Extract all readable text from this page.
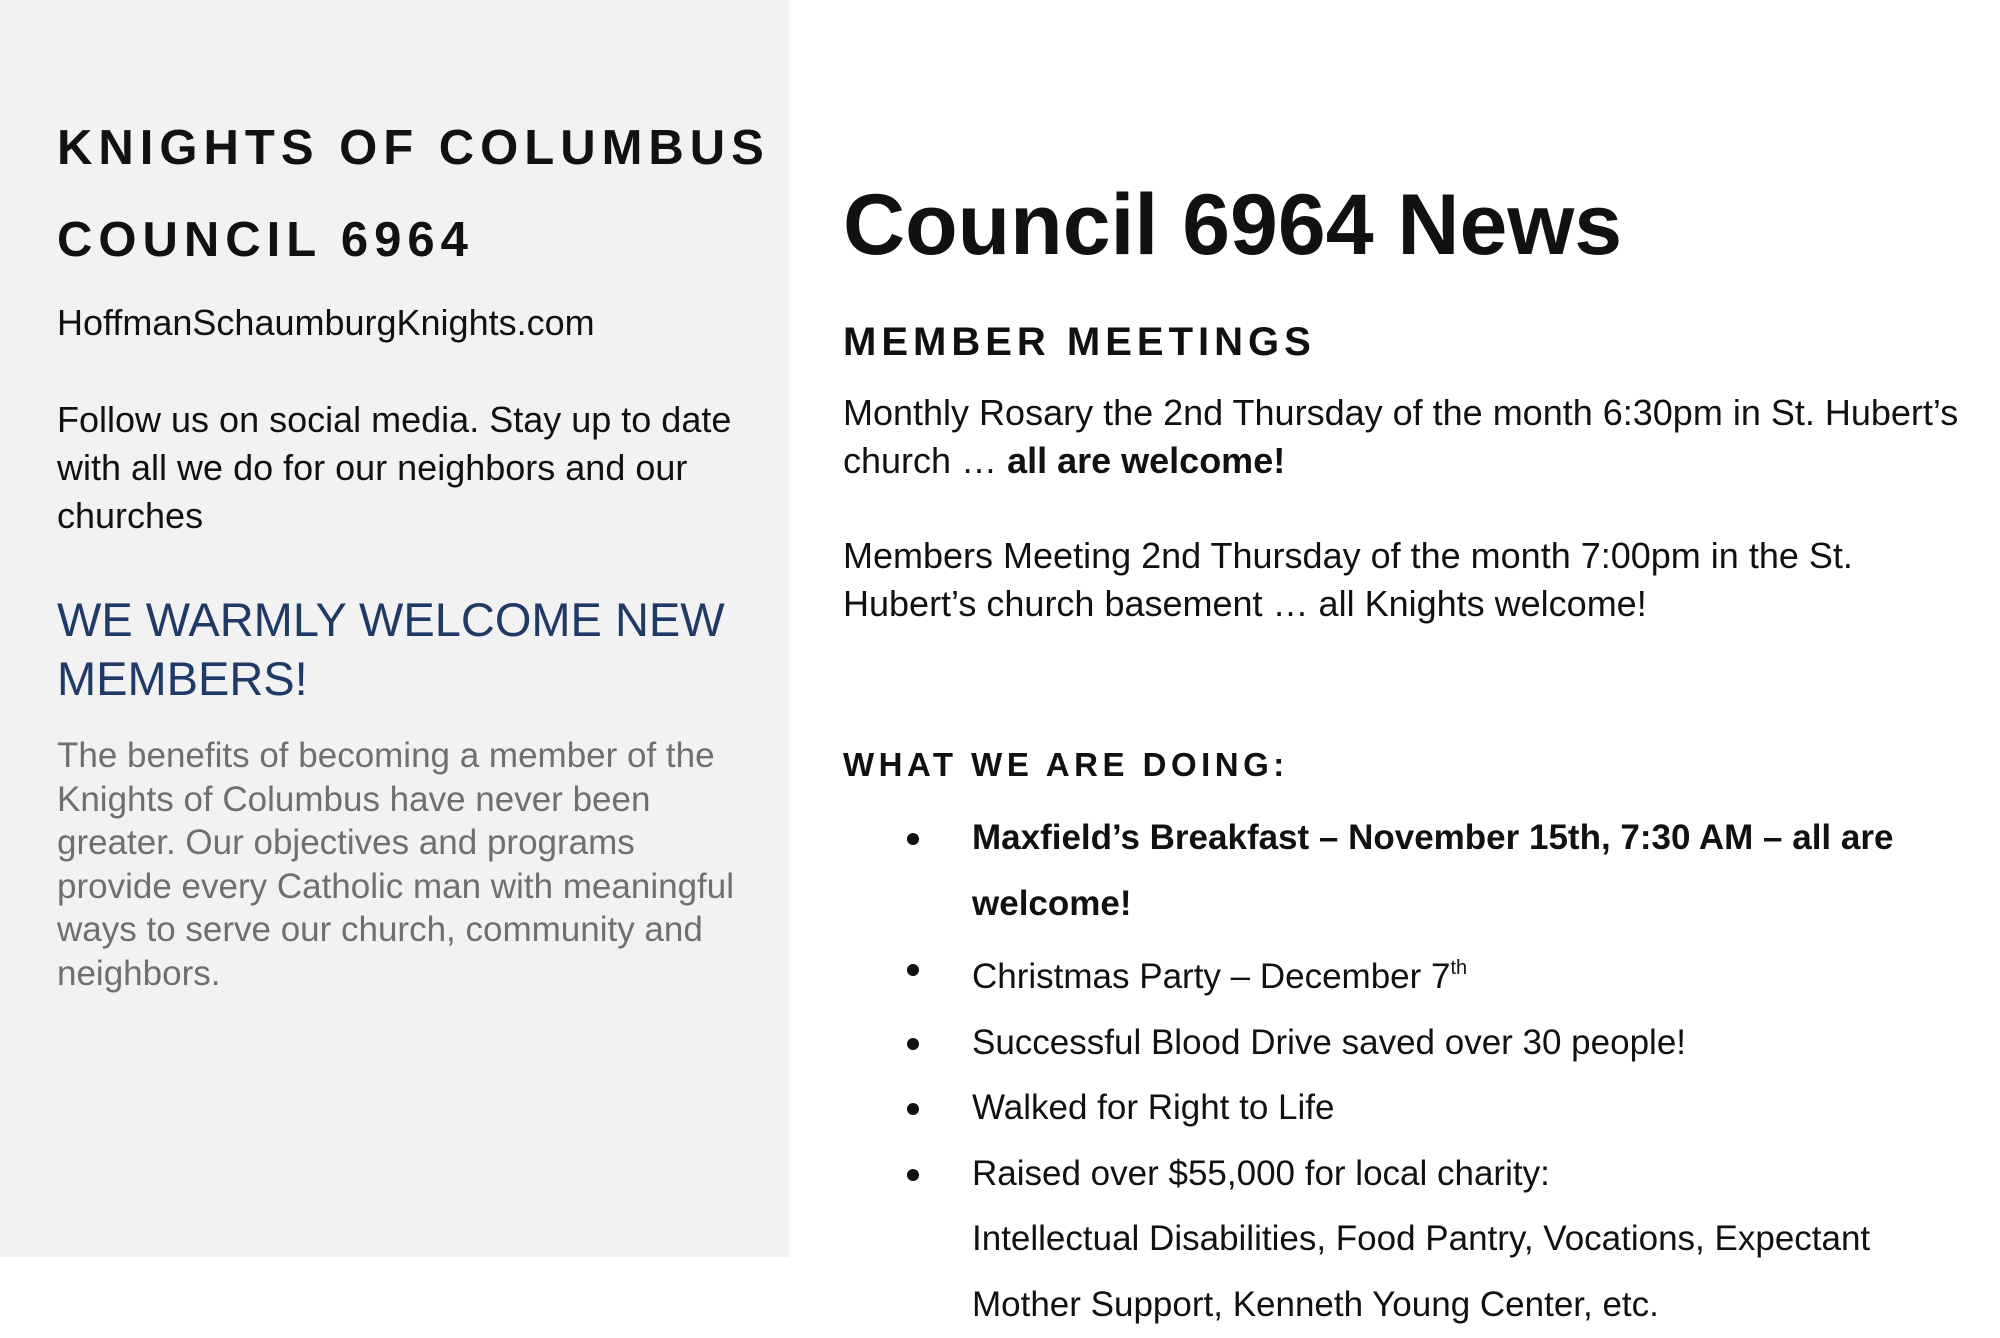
KNIGHTS OF COLUMBUS
COUNCIL 6964
HoffmanSchaumburgKnights.com
Follow us on social media. Stay up to date with all we do for our neighbors and our churches
WE WARMLY WELCOME NEW MEMBERS!
The benefits of becoming a member of the Knights of Columbus have never been greater. Our objectives and programs provide every Catholic man with meaningful ways to serve our church, community and neighbors.
Council 6964 News
MEMBER MEETINGS
Monthly Rosary the 2nd Thursday of the month 6:30pm in St. Hubert’s church … all are welcome!
Members Meeting 2nd Thursday of the month 7:00pm in the St. Hubert’s church basement … all Knights welcome!
WHAT WE ARE DOING:
Maxfield’s Breakfast – November 15th, 7:30 AM – all are welcome!
Christmas Party – December 7th
Successful Blood Drive saved over 30 people!
Walked for Right to Life
Raised over $55,000 for local charity:
Intellectual Disabilities, Food Pantry, Vocations, Expectant Mother Support, Kenneth Young Center, etc.
